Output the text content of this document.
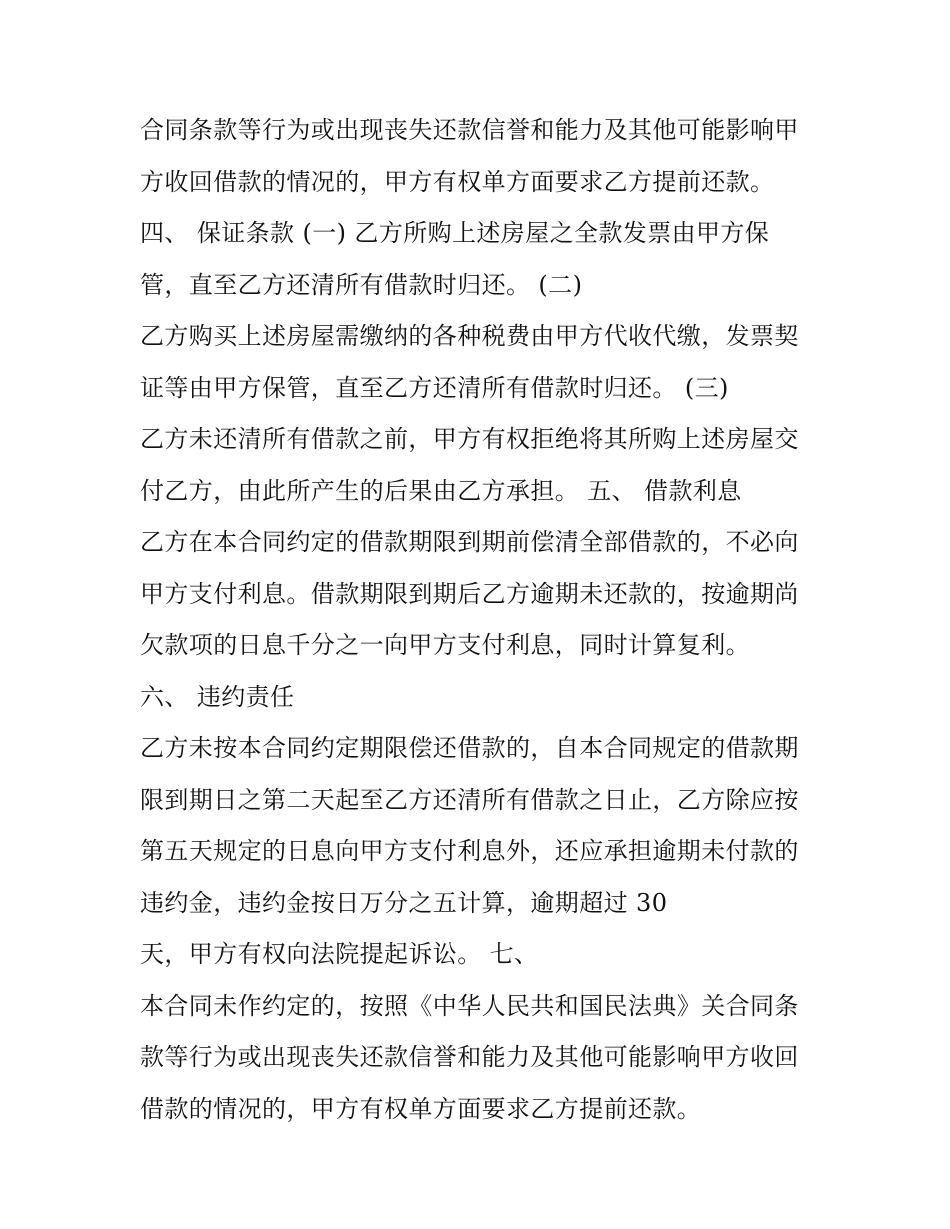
合同条款等行为或出现丧失还款信誉和能力及其他可能影响甲
方收回借款的情况的，甲方有权单方面要求乙方提前还款。
四、 保证条款 (一) 乙方所购上述房屋之全款发票由甲方保
管，直至乙方还清所有借款时归还。 (二)
乙方购买上述房屋需缴纳的各种税费由甲方代收代缴，发票契
证等由甲方保管，直至乙方还清所有借款时归还。 (三)
乙方未还清所有借款之前，甲方有权拒绝将其所购上述房屋交
付乙方，由此所产生的后果由乙方承担。 五、 借款利息
乙方在本合同约定的借款期限到期前偿清全部借款的，不必向
甲方支付利息。借款期限到期后乙方逾期未还款的，按逾期尚
欠款项的日息千分之一向甲方支付利息，同时计算复利。
六、 违约责任
乙方未按本合同约定期限偿还借款的，自本合同规定的借款期
限到期日之第二天起至乙方还清所有借款之日止，乙方除应按
第五天规定的日息向甲方支付利息外，还应承担逾期未付款的
违约金，违约金按日万分之五计算，逾期超过 30
天，甲方有权向法院提起诉讼。 七、
本合同未作约定的，按照《中华人民共和国民法典》关合同条
款等行为或出现丧失还款信誉和能力及其他可能影响甲方收回
借款的情况的，甲方有权单方面要求乙方提前还款。
